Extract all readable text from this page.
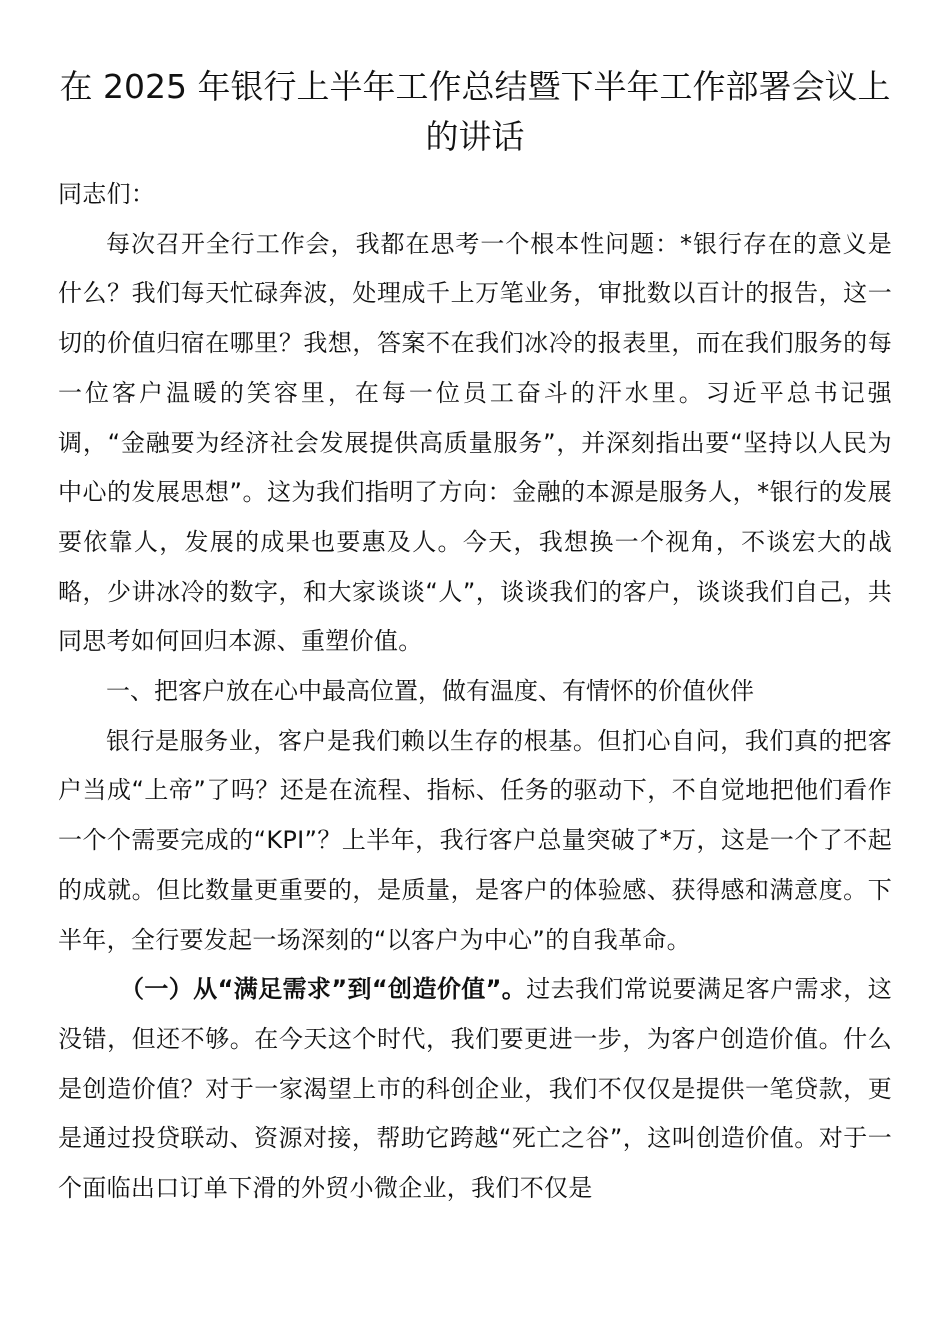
在 2025 年银行上半年工作总结暨下半年工作部署会议上的讲话

同志们：

每次召开全行工作会，我都在思考一个根本性问题：*银行存在的意义是什么？我们每天忙碌奔波，处理成千上万笔业务，审批数以百计的报告，这一切的价值归宿在哪里？我想，答案不在我们冰冷的报表里，而在我们服务的每一位客户温暖的笑容里，在每一位员工奋斗的汗水里。习近平总书记强调，“金融要为经济社会发展提供高质量服务”，并深刻指出要“坚持以人民为中心的发展思想”。这为我们指明了方向：金融的本源是服务人，*银行的发展要依靠人，发展的成果也要惠及人。今天，我想换一个视角，不谈宏大的战略，少讲冰冷的数字，和大家谈谈“人”，谈谈我们的客户，谈谈我们自己，共同思考如何回归本源、重塑价值。

一、把客户放在心中最高位置，做有温度、有情怀的价值伙伴

银行是服务业，客户是我们赖以生存的根基。但扪心自问，我们真的把客户当成“上帝”了吗？还是在流程、指标、任务的驱动下，不自觉地把他们看作一个个需要完成的“KPI”？上半年，我行客户总量突破了*万，这是一个了不起的成就。但比数量更重要的，是质量，是客户的体验感、获得感和满意度。下半年，全行要发起一场深刻的“以客户为中心”的自我革命。

（一）从“满足需求”到“创造价值”。过去我们常说要满足客户需求，这没错，但还不够。在今天这个时代，我们要更进一步，为客户创造价值。什么是创造价值？对于一家渴望上市的科创企业，我们不仅仅是提供一笔贷款，更是通过投贷联动、资源对接，帮助它跨越“死亡之谷”，这叫创造价值。对于一个面临出口订单下滑的外贸小微企业，我们不仅是
